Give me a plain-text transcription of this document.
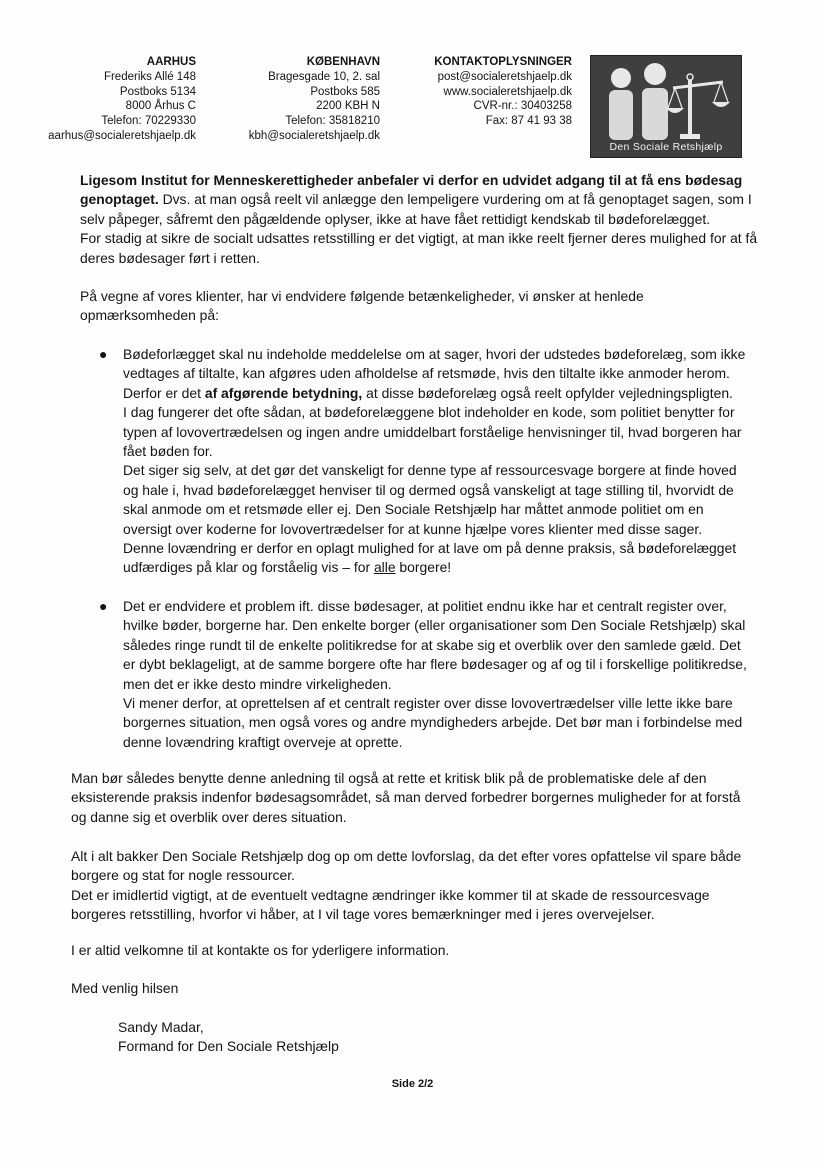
AARHUS

Frederiks Allé 148

Postboks 5134

8000 Århus C

Telefon: 70229330

aarhus@socialeretshjaelp.dk

KØBENHAVN

Bragesgade 10, 2. sal

Postboks 585

2200 KBH N

Telefon: 35818210

kbh@socialeretshjaelp.dk

KONTAKTOPLYSNINGER

post@socialeretshjaelp.dk

www.socialeretshjaelp.dk

CVR-nr.: 30403258

Fax: 87 41 93 38

Den Sociale Retshjælp
Ligesom Institut for Menneskerettigheder anbefaler vi derfor en udvidet adgang til at få ens bødesag
genoptaget. Dvs. at man også reelt vil anlægge den lempeligere vurdering om at få genoptaget sagen, som I
selv påpeger, såfremt den pågældende oplyser, ikke at have fået rettidigt kendskab til bødeforelægget.
For stadig at sikre de socialt udsattes retsstilling er det vigtigt, at man ikke reelt fjerner deres mulighed for at få
deres bødesager ført i retten.
På vegne af vores klienter, har vi endvidere følgende betænkeligheder, vi ønsker at henlede
opmærksomheden på:
● Bødeforlægget skal nu indeholde meddelelse om at sager, hvori der udstedes bødeforelæg, som ikke
vedtages af tiltalte, kan afgøres uden afholdelse af retsmøde, hvis den tiltalte ikke anmoder herom.
Derfor er det af afgørende betydning, at disse bødeforelæg også reelt opfylder vejledningspligten.
I dag fungerer det ofte sådan, at bødeforelæggene blot indeholder en kode, som politiet benytter for
typen af lovovertrædelsen og ingen andre umiddelbart forståelige henvisninger til, hvad borgeren har
fået bøden for.
Det siger sig selv, at det gør det vanskeligt for denne type af ressourcesvage borgere at finde hoved
og hale i, hvad bødeforelægget henviser til og dermed også vanskeligt at tage stilling til, hvorvidt de
skal anmode om et retsmøde eller ej. Den Sociale Retshjælp har måttet anmode politiet om en
oversigt over koderne for lovovertrædelser for at kunne hjælpe vores klienter med disse sager.
Denne lovændring er derfor en oplagt mulighed for at lave om på denne praksis, så bødeforelægget
udfærdiges på klar og forståelig vis – for alle borgere!
● Det er endvidere et problem ift. disse bødesager, at politiet endnu ikke har et centralt register over,
hvilke bøder, borgerne har. Den enkelte borger (eller organisationer som Den Sociale Retshjælp) skal
således ringe rundt til de enkelte politikredse for at skabe sig et overblik over den samlede gæld. Det
er dybt beklageligt, at de samme borgere ofte har flere bødesager og af og til i forskellige politikredse,
men det er ikke desto mindre virkeligheden.
Vi mener derfor, at oprettelsen af et centralt register over disse lovovertrædelser ville lette ikke bare
borgernes situation, men også vores og andre myndigheders arbejde. Det bør man i forbindelse med
denne lovændring kraftigt overveje at oprette.
Man bør således benytte denne anledning til også at rette et kritisk blik på de problematiske dele af den
eksisterende praksis indenfor bødesagsområdet, så man derved forbedrer borgernes muligheder for at forstå
og danne sig et overblik over deres situation.
Alt i alt bakker Den Sociale Retshjælp dog op om dette lovforslag, da det efter vores opfattelse vil spare både
borgere og stat for nogle ressourcer.
Det er imidlertid vigtigt, at de eventuelt vedtagne ændringer ikke kommer til at skade de ressourcesvage
borgeres retsstilling, hvorfor vi håber, at I vil tage vores bemærkninger med i jeres overvejelser.
I er altid velkomne til at kontakte os for yderligere information.
Med venlig hilsen
Sandy Madar,
Formand for Den Sociale Retshjælp
Side 2/2
